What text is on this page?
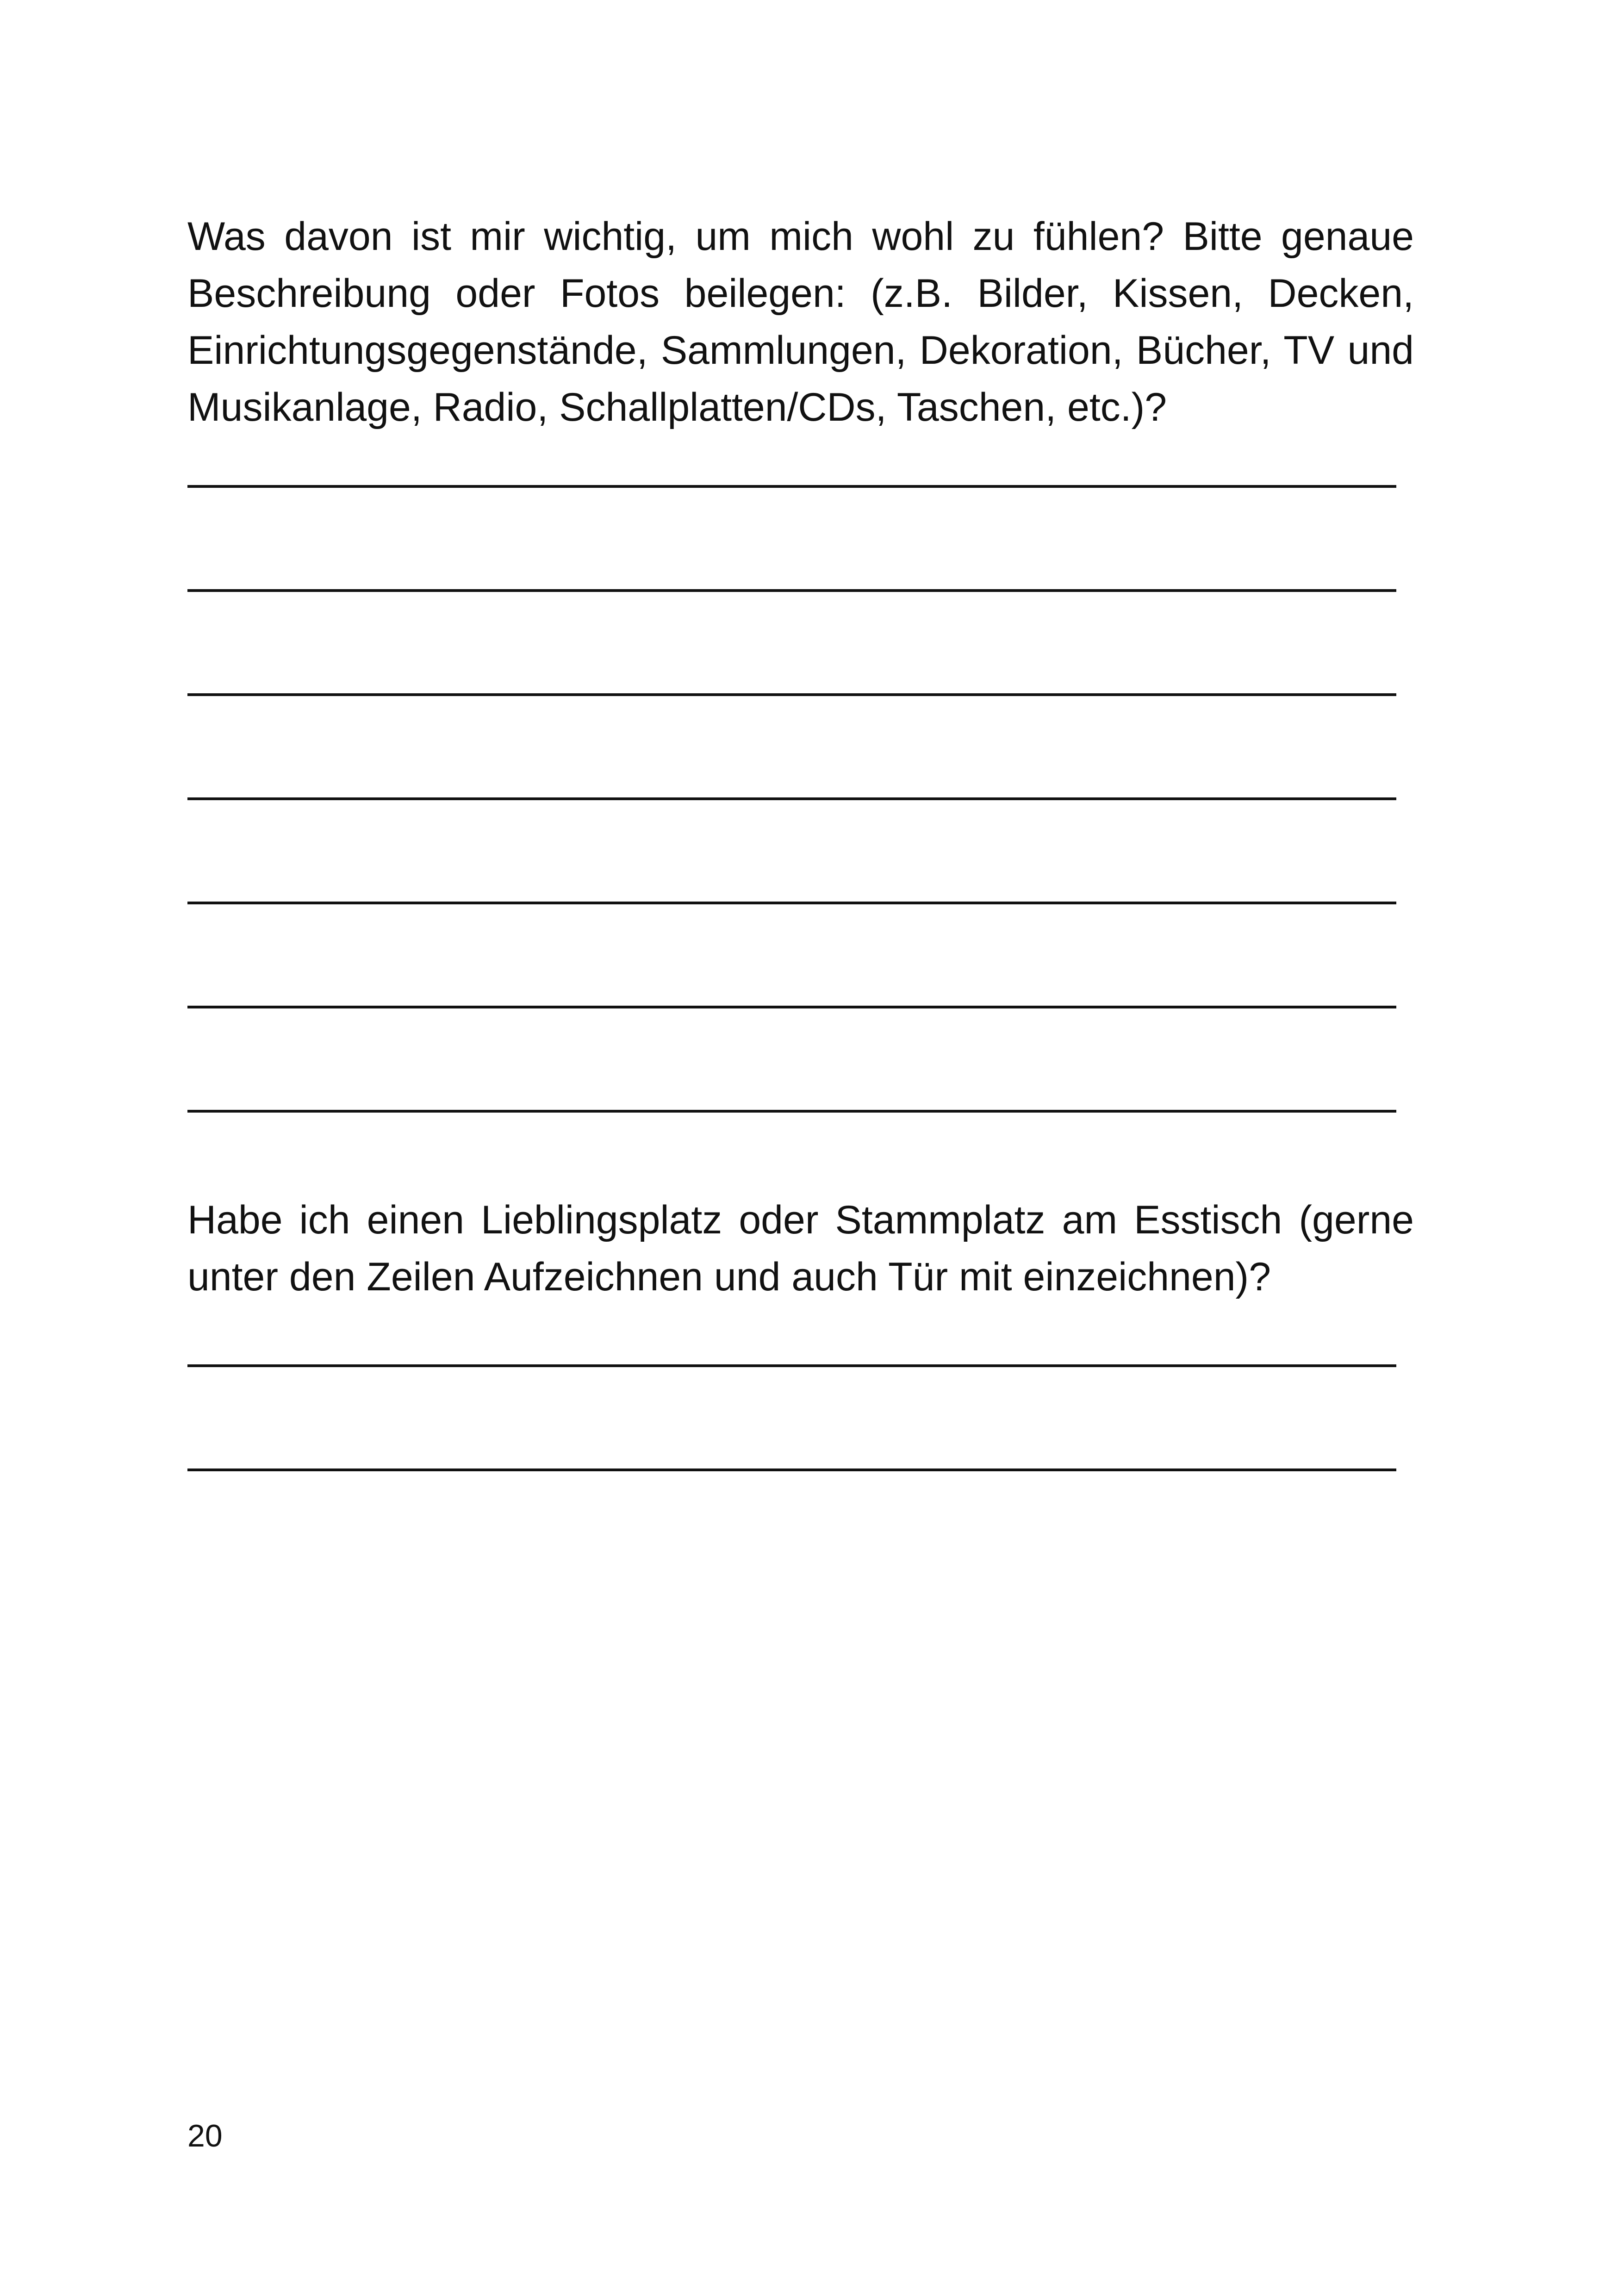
Was davon ist mir wichtig, um mich wohl zu fühlen? Bitte genaue Beschreibung oder Fotos beilegen: (z.B. Bilder, Kissen, Decken, Einrichtungsgegenstände, Sammlungen, Dekoration, Bücher, TV und Musikanlage, Radio, Schallplatten/CDs, Taschen, etc.)?

Habe ich einen Lieblingsplatz oder Stammplatz am Esstisch (gerne unter den Zeilen Aufzeichnen und auch Tür mit einzeichnen)?

20
